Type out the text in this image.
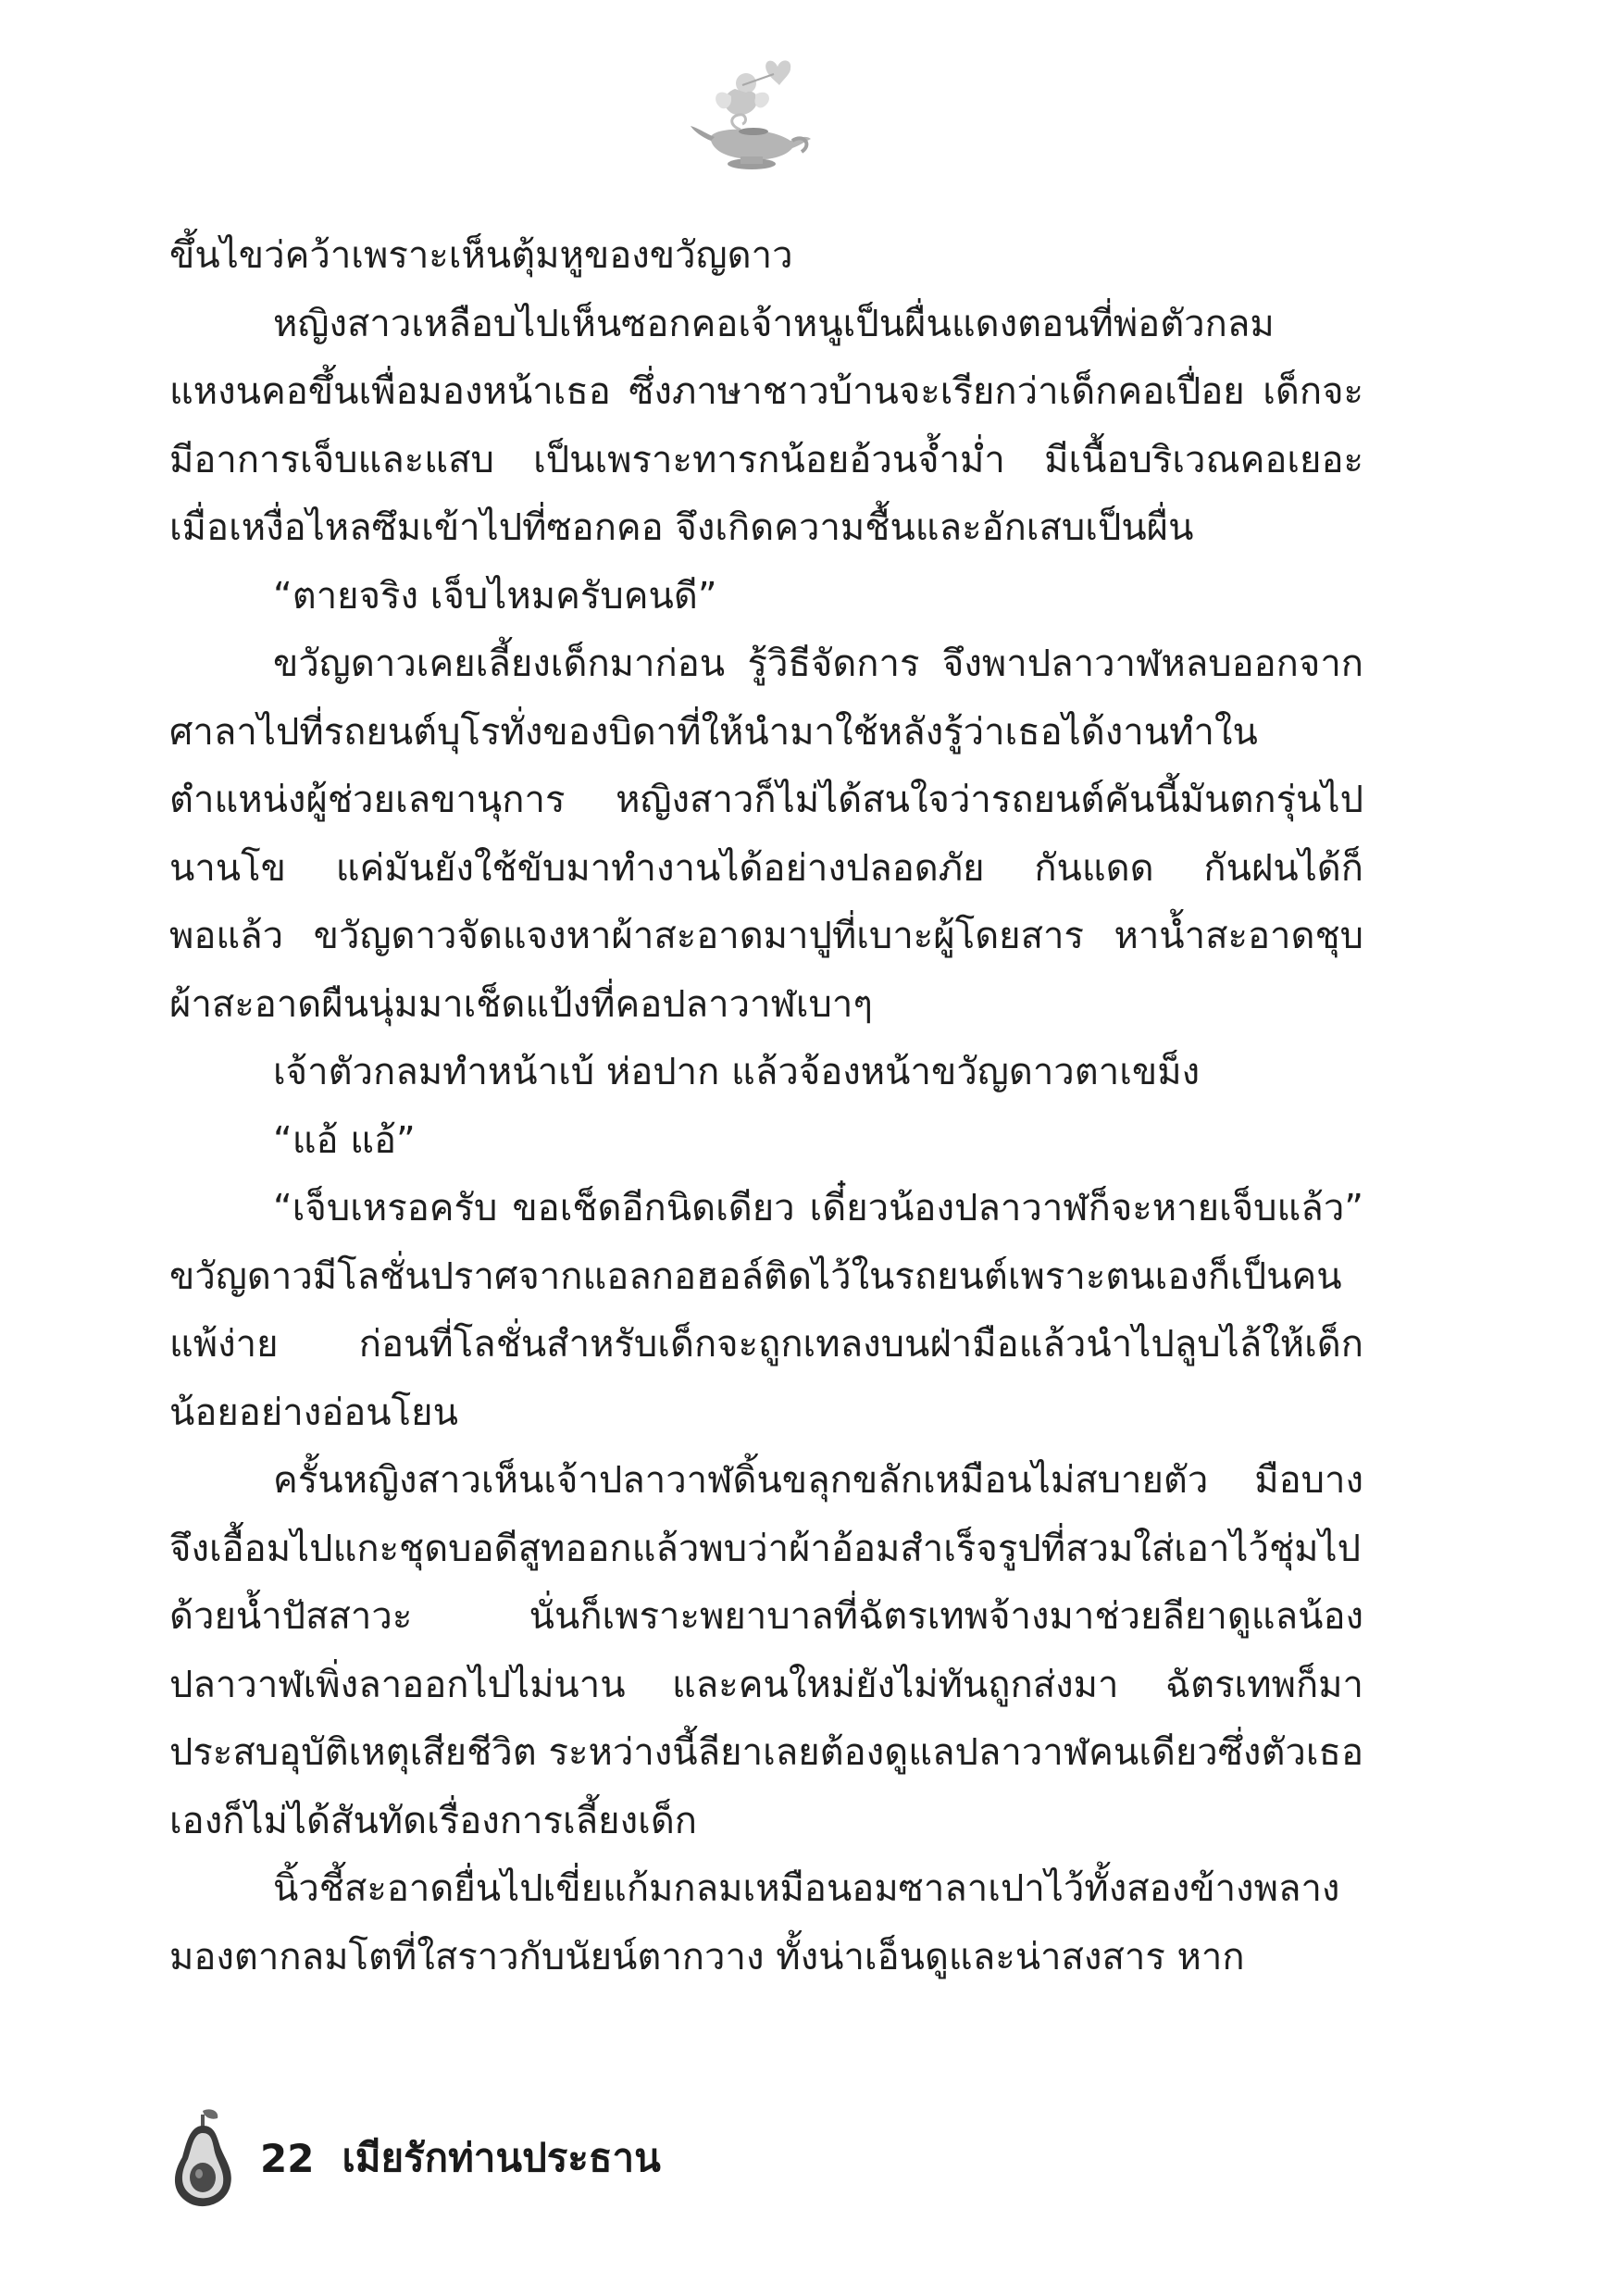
ขึ้นไขว่คว้าเพราะเห็นตุ้มหูของขวัญดาว

หญิงสาวเหลือบไปเห็นซอกคอเจ้าหนูเป็นผื่นแดงตอนที่พ่อตัวกลมแหงนคอขึ้นเพื่อมองหน้าเธอ ซึ่งภาษาชาวบ้านจะเรียกว่าเด็กคอเปื่อย เด็กจะมีอาการเจ็บและแสบ เป็นเพราะทารกน้อยอ้วนจ้ำม่ำ มีเนื้อบริเวณคอเยอะ เมื่อเหงื่อไหลซึมเข้าไปที่ซอกคอ จึงเกิดความชื้นและอักเสบเป็นผื่น

“ตายจริง เจ็บไหมครับคนดี”

ขวัญดาวเคยเลี้ยงเด็กมาก่อน รู้วิธีจัดการ จึงพาปลาวาฬหลบออกจากศาลาไปที่รถยนต์บุโรทั่งของบิดาที่ให้นำมาใช้หลังรู้ว่าเธอได้งานทำในตำแหน่งผู้ช่วยเลขานุการ หญิงสาวก็ไม่ได้สนใจว่ารถยนต์คันนี้มันตกรุ่นไปนานโข แค่มันยังใช้ขับมาทำงานได้อย่างปลอดภัย กันแดด กันฝนได้ก็พอแล้ว ขวัญดาวจัดแจงหาผ้าสะอาดมาปูที่เบาะผู้โดยสาร หาน้ำสะอาดชุบผ้าสะอาดผืนนุ่มมาเช็ดแป้งที่คอปลาวาฬเบาๆ

เจ้าตัวกลมทำหน้าเบ้ ห่อปาก แล้วจ้องหน้าขวัญดาวตาเขม็ง

“แอ้ แอ้”

“เจ็บเหรอครับ ขอเช็ดอีกนิดเดียว เดี๋ยวน้องปลาวาฬก็จะหายเจ็บแล้ว” ขวัญดาวมีโลชั่นปราศจากแอลกอฮอล์ติดไว้ในรถยนต์เพราะตนเองก็เป็นคนแพ้ง่าย ก่อนที่โลชั่นสำหรับเด็กจะถูกเทลงบนฝ่ามือแล้วนำไปลูบไล้ให้เด็กน้อยอย่างอ่อนโยน

ครั้นหญิงสาวเห็นเจ้าปลาวาฬดิ้นขลุกขลักเหมือนไม่สบายตัว มือบางจึงเอื้อมไปแกะชุดบอดีสูทออกแล้วพบว่าผ้าอ้อมสำเร็จรูปที่สวมใส่เอาไว้ชุ่มไปด้วยน้ำปัสสาวะ นั่นก็เพราะพยาบาลที่ฉัตรเทพจ้างมาช่วยลียาดูแลน้องปลาวาฬเพิ่งลาออกไปไม่นาน และคนใหม่ยังไม่ทันถูกส่งมา ฉัตรเทพก็มาประสบอุบัติเหตุเสียชีวิต ระหว่างนี้ลียาเลยต้องดูแลปลาวาฬคนเดียวซึ่งตัวเธอเองก็ไม่ได้สันทัดเรื่องการเลี้ยงเด็ก

นิ้วชี้สะอาดยื่นไปเขี่ยแก้มกลมเหมือนอมซาลาเปาไว้ทั้งสองข้างพลางมองตากลมโตที่ใสราวกับนัยน์ตากวาง ทั้งน่าเอ็นดูและน่าสงสาร หาก

22 เมียรักท่านประธาน
